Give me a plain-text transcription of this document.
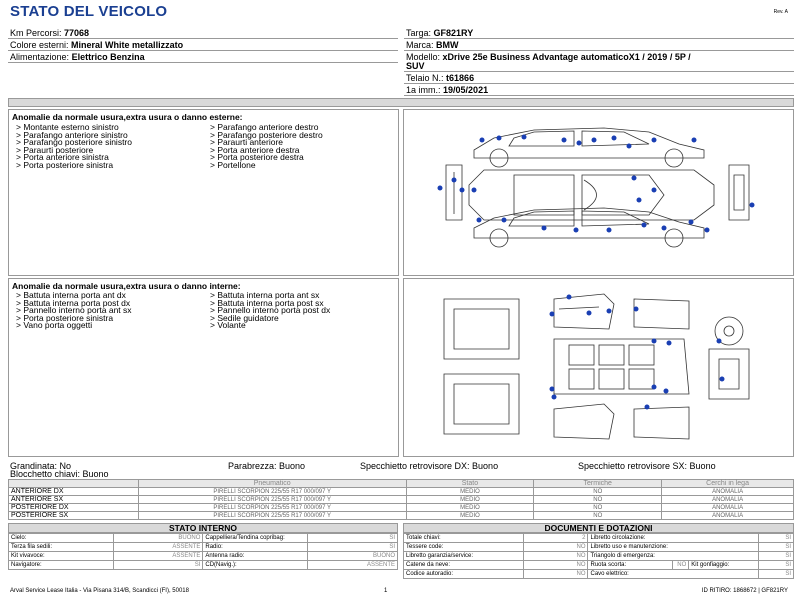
STATO DEL VEICOLO	Rev. A
Km Percorsi: 77068
Colore esterni: Mineral White metallizzato
Alimentazione: Elettrico Benzina
Targa: GF821RY
Marca: BMW
Modello: xDrive 25e Business Advantage automaticoX1 / 2019 / 5P /
SUV
Telaio N.: t61866
1a imm.: 19/05/2021
Anomalie da normale usura,extra usura o danno esterne:
> Montante esterno sinistro
> Parafango anteriore sinistro
> Parafango posteriore sinistro
> Paraurti posteriore
> Porta anteriore sinistra
> Porta posteriore sinistra
> Parafango anteriore destro
> Parafango posteriore destro
> Paraurti anteriore
> Porta anteriore destra
> Porta posteriore destra
> Portellone
Anomalie da normale usura,extra usura o danno interne:
> Battuta interna porta ant dx
> Battuta interna porta post dx
> Pannello interno porta ant sx
> Porta posteriore sinistra
> Vano porta oggetti
> Battuta interna porta ant sx
> Battuta interna porta post sx
> Pannello interno porta post dx
> Sedile guidatore
> Volante
Grandinata: No
Blocchetto chiavi: Buono
Parabrezza: Buono	Specchietto retrovisore DX: Buono	Specchietto retrovisore SX: Buono
	Pneumatico	Stato	Termiche	Cerchi in lega
ANTERIORE DX	PIRELLI SCORPION 225/55 R17 000/097 Y	MEDIO	NO	ANOMALIA
ANTERIORE SX	PIRELLI SCORPION 225/55 R17 000/097 Y	MEDIO	NO	ANOMALIA
POSTERIORE DX	PIRELLI SCORPION 225/55 R17 000/097 Y	MEDIO	NO	ANOMALIA
POSTERIORE SX	PIRELLI SCORPION 225/55 R17 000/097 Y	MEDIO	NO	ANOMALIA
STATO INTERNO
Cielo:	BUONO	Cappelliera/Tendina copribag:	SI
Terza fila sedili:	ASSENTE	Radio:	SI
Kit vivavoce:	ASSENTE	Antenna radio:	BUONO
Navigatore:	SI	CD(Navig.):	ASSENTE
DOCUMENTI E DOTAZIONI
Totale chiavi:	2	Libretto circolazione:			SI
Tessere code:	NO	Libretto uso e manutenzione:			SI
Libretto garanzia/service:	NO	Triangolo di emergenza:			SI
Catene da neve:	NO	Ruota scorta:	NO	Kit gonfiaggio:	SI
Codice autoradio:	NO	Cavo elettrico:			SI
Arval Service Lease Italia - Via Pisana 314/B, Scandicci (FI), 50018	1	ID RITIRO: 1868672 | GF821RY
